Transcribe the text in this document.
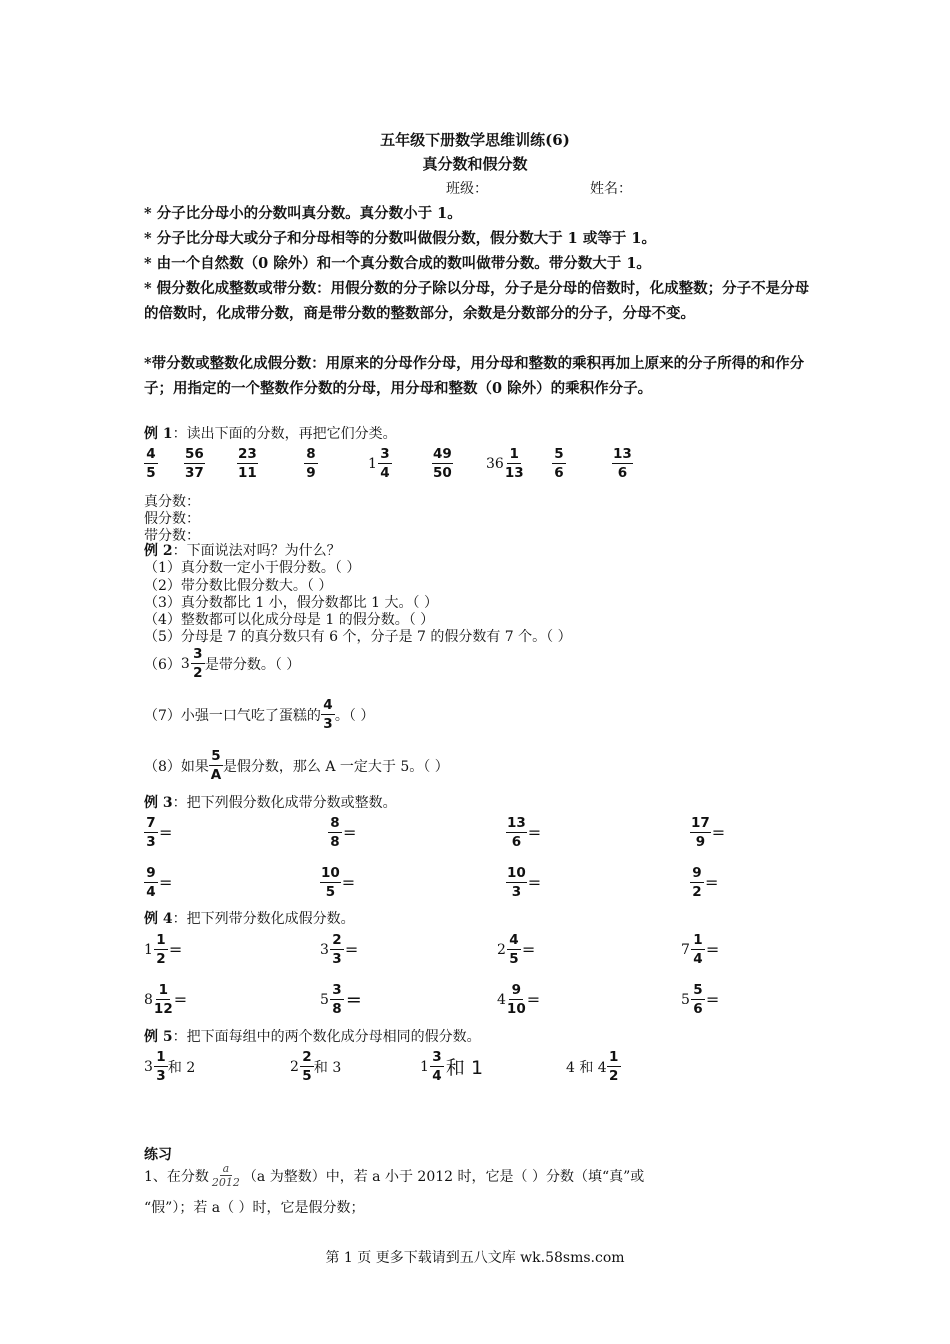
五年级下册数学思维训练(6)
真分数和假分数
班级：	姓名：
* 分子比分母小的分数叫真分数。真分数小于 1。
* 分子比分母大或分子和分母相等的分数叫做假分数，假分数大于 1 或等于 1。
* 由一个自然数（0 除外）和一个真分数合成的数叫做带分数。带分数大于 1。
* 假分数化成整数或带分数：用假分数的分子除以分母，分子是分母的倍数时，化成整数；分子不是分母的倍数时，化成带分数，商是带分数的整数部分，余数是分数部分的分子，分母不变。
*带分数或整数化成假分数：用原来的分母作分母，用分母和整数的乘积再加上原来的分子所得的和作分子；用指定的一个整数作分数的分母，用分母和整数（0 除外）的乘积作分子。
例 1：读出下面的分数，再把它们分类。
$\frac{4}{5} \frac{56}{37} \frac{23}{11}$	$\frac{8}{9}$	$1 \frac{3}{4}$	$\frac{49}{50} 36 \frac{1}{13} \frac{5}{6}$	$\frac{13}{6}$
真分数：
假分数：
带分数：
例 2：下面说法对吗？为什么？
（1）真分数一定小于假分数。（ ）
（2）带分数比假分数大。（ ）
（3）真分数都比 1 小，假分数都比 1 大。（ ）
（4）整数都可以化成分母是 1 的假分数。（ ）
（5）分母是 7 的真分数只有 6 个，分子是 7 的假分数有 7 个。（ ）
（6） $3 \frac{3}{2}$ 是带分数。（ ）
（7）小强一口气吃了蛋糕的 $\frac{4}{3}$ 。（ ）
（8）如果 $\frac{5}{A}$ 是假分数，那么 A 一定大于 5。（ ）
例 3：把下列假分数化成带分数或整数。
$\frac{7}{3}$ =	$\frac{8}{8}$ =	$\frac{13}{6}$ =	$\frac{17}{9}$ =
$\frac{9}{4}$ =	$\frac{10}{5}$ =	$\frac{10}{3}$ =	$\frac{9}{2}$ =
例 4：把下列带分数化成假分数。
$1 \frac{1}{2}$ =	$3 \frac{2}{3}$ =	$2 \frac{4}{5}$ =	$7 \frac{1}{4}$ =
$8 \frac{1}{12}$ =	$5 \frac{3}{8}$ =	$4 \frac{9}{10}$ =	$5 \frac{5}{6}$ =
例 5：把下面每组中的两个数化成分母相同的假分数。
$3 \frac{1}{3}$ 和 2	$2 \frac{2}{5}$ 和 3	$1 \frac{3}{4}$ 和 1	4 和 $4 \frac{1}{2}$
练习
1、在分数 $\frac{a}{2012} (a$ 为整数）中，若 a 小于 2012 时，它是（ ）分数（填“真”或
“假”）；若 a（ ）时，它是假分数；
第 1 页 更多下载请到五八文库 wk.58sms.com
